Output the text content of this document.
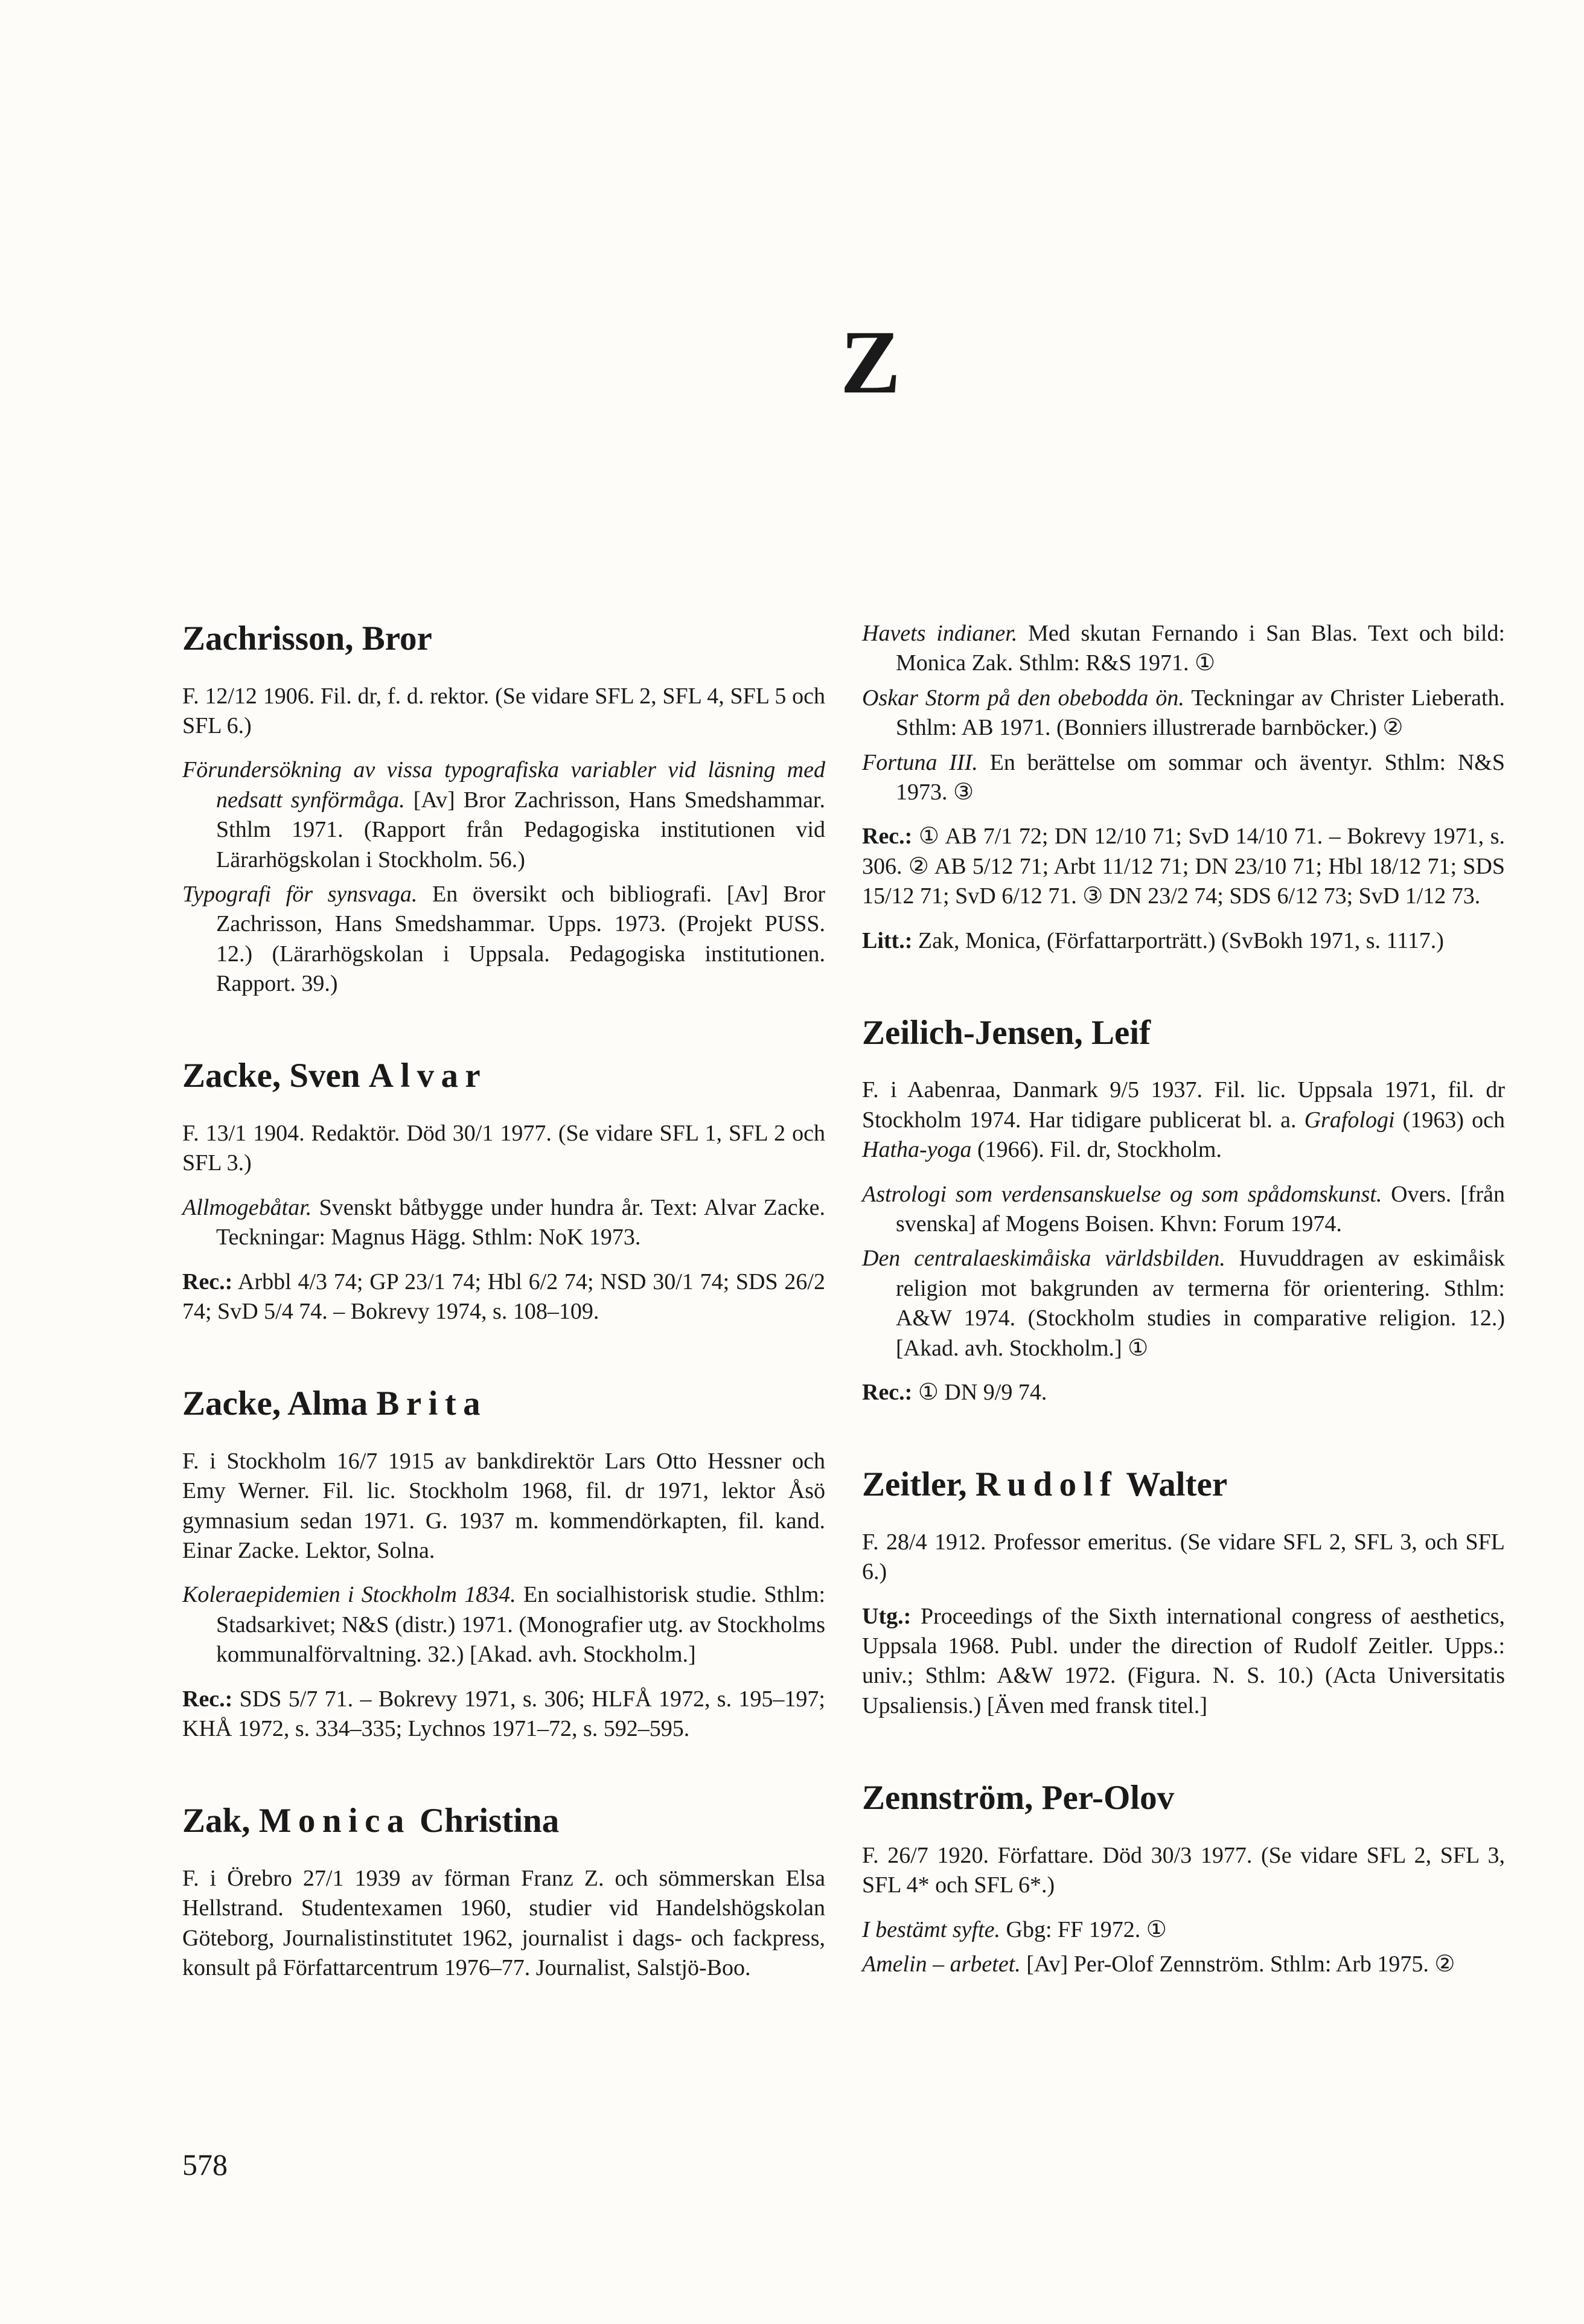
Z
Zachrisson, Bror

F. 12/12 1906. Fil. dr, f. d. rektor. (Se vidare SFL 2, SFL 4, SFL 5 och SFL 6.)

Förundersökning av vissa typografiska variabler vid läsning med nedsatt synförmåga. [Av] Bror Zachrisson, Hans Smedshammar. Sthlm 1971. (Rapport från Pedagogiska institutionen vid Lärarhögskolan i Stockholm. 56.)

Typografi för synsvaga. En översikt och bibliografi. [Av] Bror Zachrisson, Hans Smedshammar. Upps. 1973. (Projekt PUSS. 12.) (Lärarhögskolan i Uppsala. Pedagogiska institutionen. Rapport. 39.)

Zacke, Sven Alvar

F. 13/1 1904. Redaktör. Död 30/1 1977. (Se vidare SFL 1, SFL 2 och SFL 3.)

Allmogebåtar. Svenskt båtbygge under hundra år. Text: Alvar Zacke. Teckningar: Magnus Hägg. Sthlm: NoK 1973.

Rec.: Arbbl 4/3 74; GP 23/1 74; Hbl 6/2 74; NSD 30/1 74; SDS 26/2 74; SvD 5/4 74. – Bokrevy 1974, s. 108–109.

Zacke, Alma Brita

F. i Stockholm 16/7 1915 av bankdirektör Lars Otto Hessner och Emy Werner. Fil. lic. Stockholm 1968, fil. dr 1971, lektor Åsö gymnasium sedan 1971. G. 1937 m. kommendörkapten, fil. kand. Einar Zacke. Lektor, Solna.

Koleraepidemien i Stockholm 1834. En socialhistorisk studie. Sthlm: Stadsarkivet; N&S (distr.) 1971. (Monografier utg. av Stockholms kommunalförvaltning. 32.) [Akad. avh. Stockholm.]

Rec.: SDS 5/7 71. – Bokrevy 1971, s. 306; HLFÅ 1972, s. 195–197; KHÅ 1972, s. 334–335; Lychnos 1971–72, s. 592–595.

Zak, Monica Christina

F. i Örebro 27/1 1939 av förman Franz Z. och sömmerskan Elsa Hellstrand. Studentexamen 1960, studier vid Handelshögskolan Göteborg, Journalistinstitutet 1962, journalist i dags- och fackpress, konsult på Författarcentrum 1976–77. Journalist, Salstjö-Boo.

Havets indianer. Med skutan Fernando i San Blas. Text och bild: Monica Zak. Sthlm: R&S 1971. ①

Oskar Storm på den obebodda ön. Teckningar av Christer Lieberath. Sthlm: AB 1971. (Bonniers illustrerade barnböcker.) ②

Fortuna III. En berättelse om sommar och äventyr. Sthlm: N&S 1973. ③

Rec.: ① AB 7/1 72; DN 12/10 71; SvD 14/10 71. – Bokrevy 1971, s. 306. ② AB 5/12 71; Arbt 11/12 71; DN 23/10 71; Hbl 18/12 71; SDS 15/12 71; SvD 6/12 71. ③ DN 23/2 74; SDS 6/12 73; SvD 1/12 73.

Litt.: Zak, Monica, (Författarporträtt.) (SvBokh 1971, s. 1117.)

Zeilich-Jensen, Leif

F. i Aabenraa, Danmark 9/5 1937. Fil. lic. Uppsala 1971, fil. dr Stockholm 1974. Har tidigare publicerat bl. a. Grafologi (1963) och Hatha-yoga (1966). Fil. dr, Stockholm.

Astrologi som verdensanskuelse og som spådomskunst. Overs. [från svenska] af Mogens Boisen. Khvn: Forum 1974.

Den centralaeskimåiska världsbilden. Huvuddragen av eskimåisk religion mot bakgrunden av termerna för orientering. Sthlm: A&W 1974. (Stockholm studies in comparative religion. 12.) [Akad. avh. Stockholm.] ①

Rec.: ① DN 9/9 74.

Zeitler, Rudolf Walter

F. 28/4 1912. Professor emeritus. (Se vidare SFL 2, SFL 3, och SFL 6.)

Utg.: Proceedings of the Sixth international congress of aesthetics, Uppsala 1968. Publ. under the direction of Rudolf Zeitler. Upps.: univ.; Sthlm: A&W 1972. (Figura. N. S. 10.) (Acta Universitatis Upsaliensis.) [Även med fransk titel.]

Zennström, Per-Olov

F. 26/7 1920. Författare. Död 30/3 1977. (Se vidare SFL 2, SFL 3, SFL 4* och SFL 6*.)

I bestämt syfte. Gbg: FF 1972. ①

Amelin – arbetet. [Av] Per-Olof Zennström. Sthlm: Arb 1975. ②

578
